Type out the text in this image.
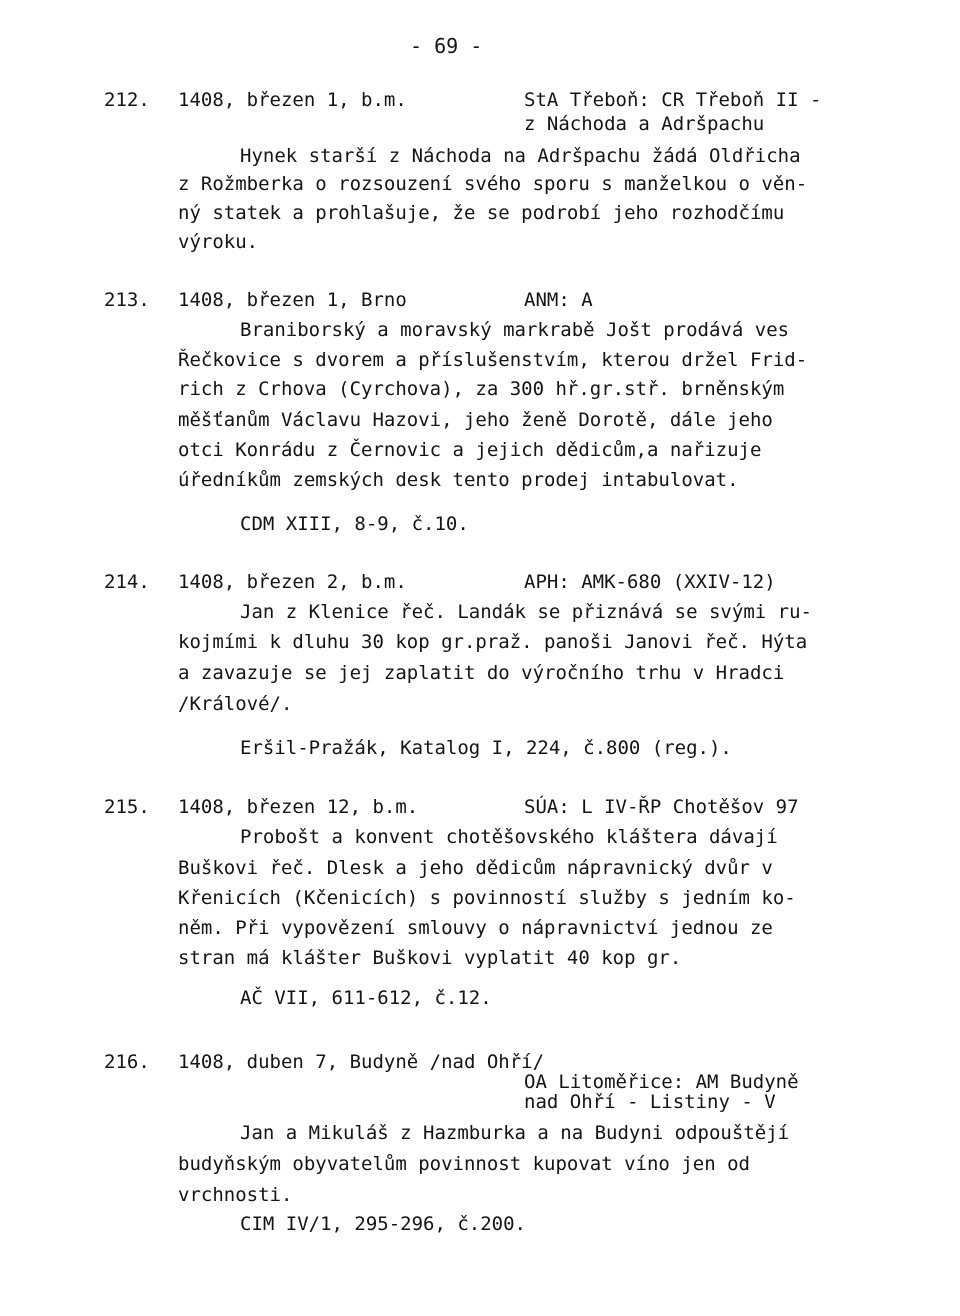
- 69 -
212. 1408, březen 1, b.m.	StA Třeboň: CR Třeboň II -
z Náchoda a Adršpachu
Hynek starší z Náchoda na Adršpachu žádá Oldřicha
z Rožmberka o rozsouzení svého sporu s manželkou o věn-
ný statek a prohlašuje, že se podrobí jeho rozhodčímu
výroku.
213. 1408, březen 1, Brno	ANM: A
Braniborský a moravský markrabě Jošt prodává ves
Řečkovice s dvorem a příslušenstvím, kterou držel Frid-
rich z Crhova (Cyrchova), za 300 hř.gr.stř. brněnským
měšťanům Václavu Hazovi, jeho ženě Dorotě, dále jeho
otci Konrádu z Černovic a jejich dědicům,a nařizuje
úředníkům zemských desk tento prodej intabulovat.
CDM XIII, 8-9, č.10.
214. 1408, březen 2, b.m.	APH: AMK-680 (XXIV-12)
Jan z Klenice řeč. Landák se přiznává se svými ru-
kojmími k dluhu 30 kop gr.praž. panoši Janovi řeč. Hýta
a zavazuje se jej zaplatit do výročního trhu v Hradci
/Králové/.
Eršil-Pražák, Katalog I, 224, č.800 (reg.).
215. 1408, březen 12, b.m.	SÚA: L IV-ŘP Chotěšov 97
Probošt a konvent chotěšovského kláštera dávají
Buškovi řeč. Dlesk a jeho dědicům nápravnický dvůr v
Křenicích (Kčenicích) s povinností služby s jedním ko-
něm. Při vypovězení smlouvy o nápravnictví jednou ze
stran má klášter Buškovi vyplatit 40 kop gr.
AČ VII, 611-612, č.12.
216. 1408, duben 7, Budyně /nad Ohří/
OA Litoměřice: AM Budyně
nad Ohří - Listiny - V
Jan a Mikuláš z Hazmburka a na Budyni odpouštějí
budyňským obyvatelům povinnost kupovat víno jen od
vrchnosti.
CIM IV/1, 295-296, č.200.
